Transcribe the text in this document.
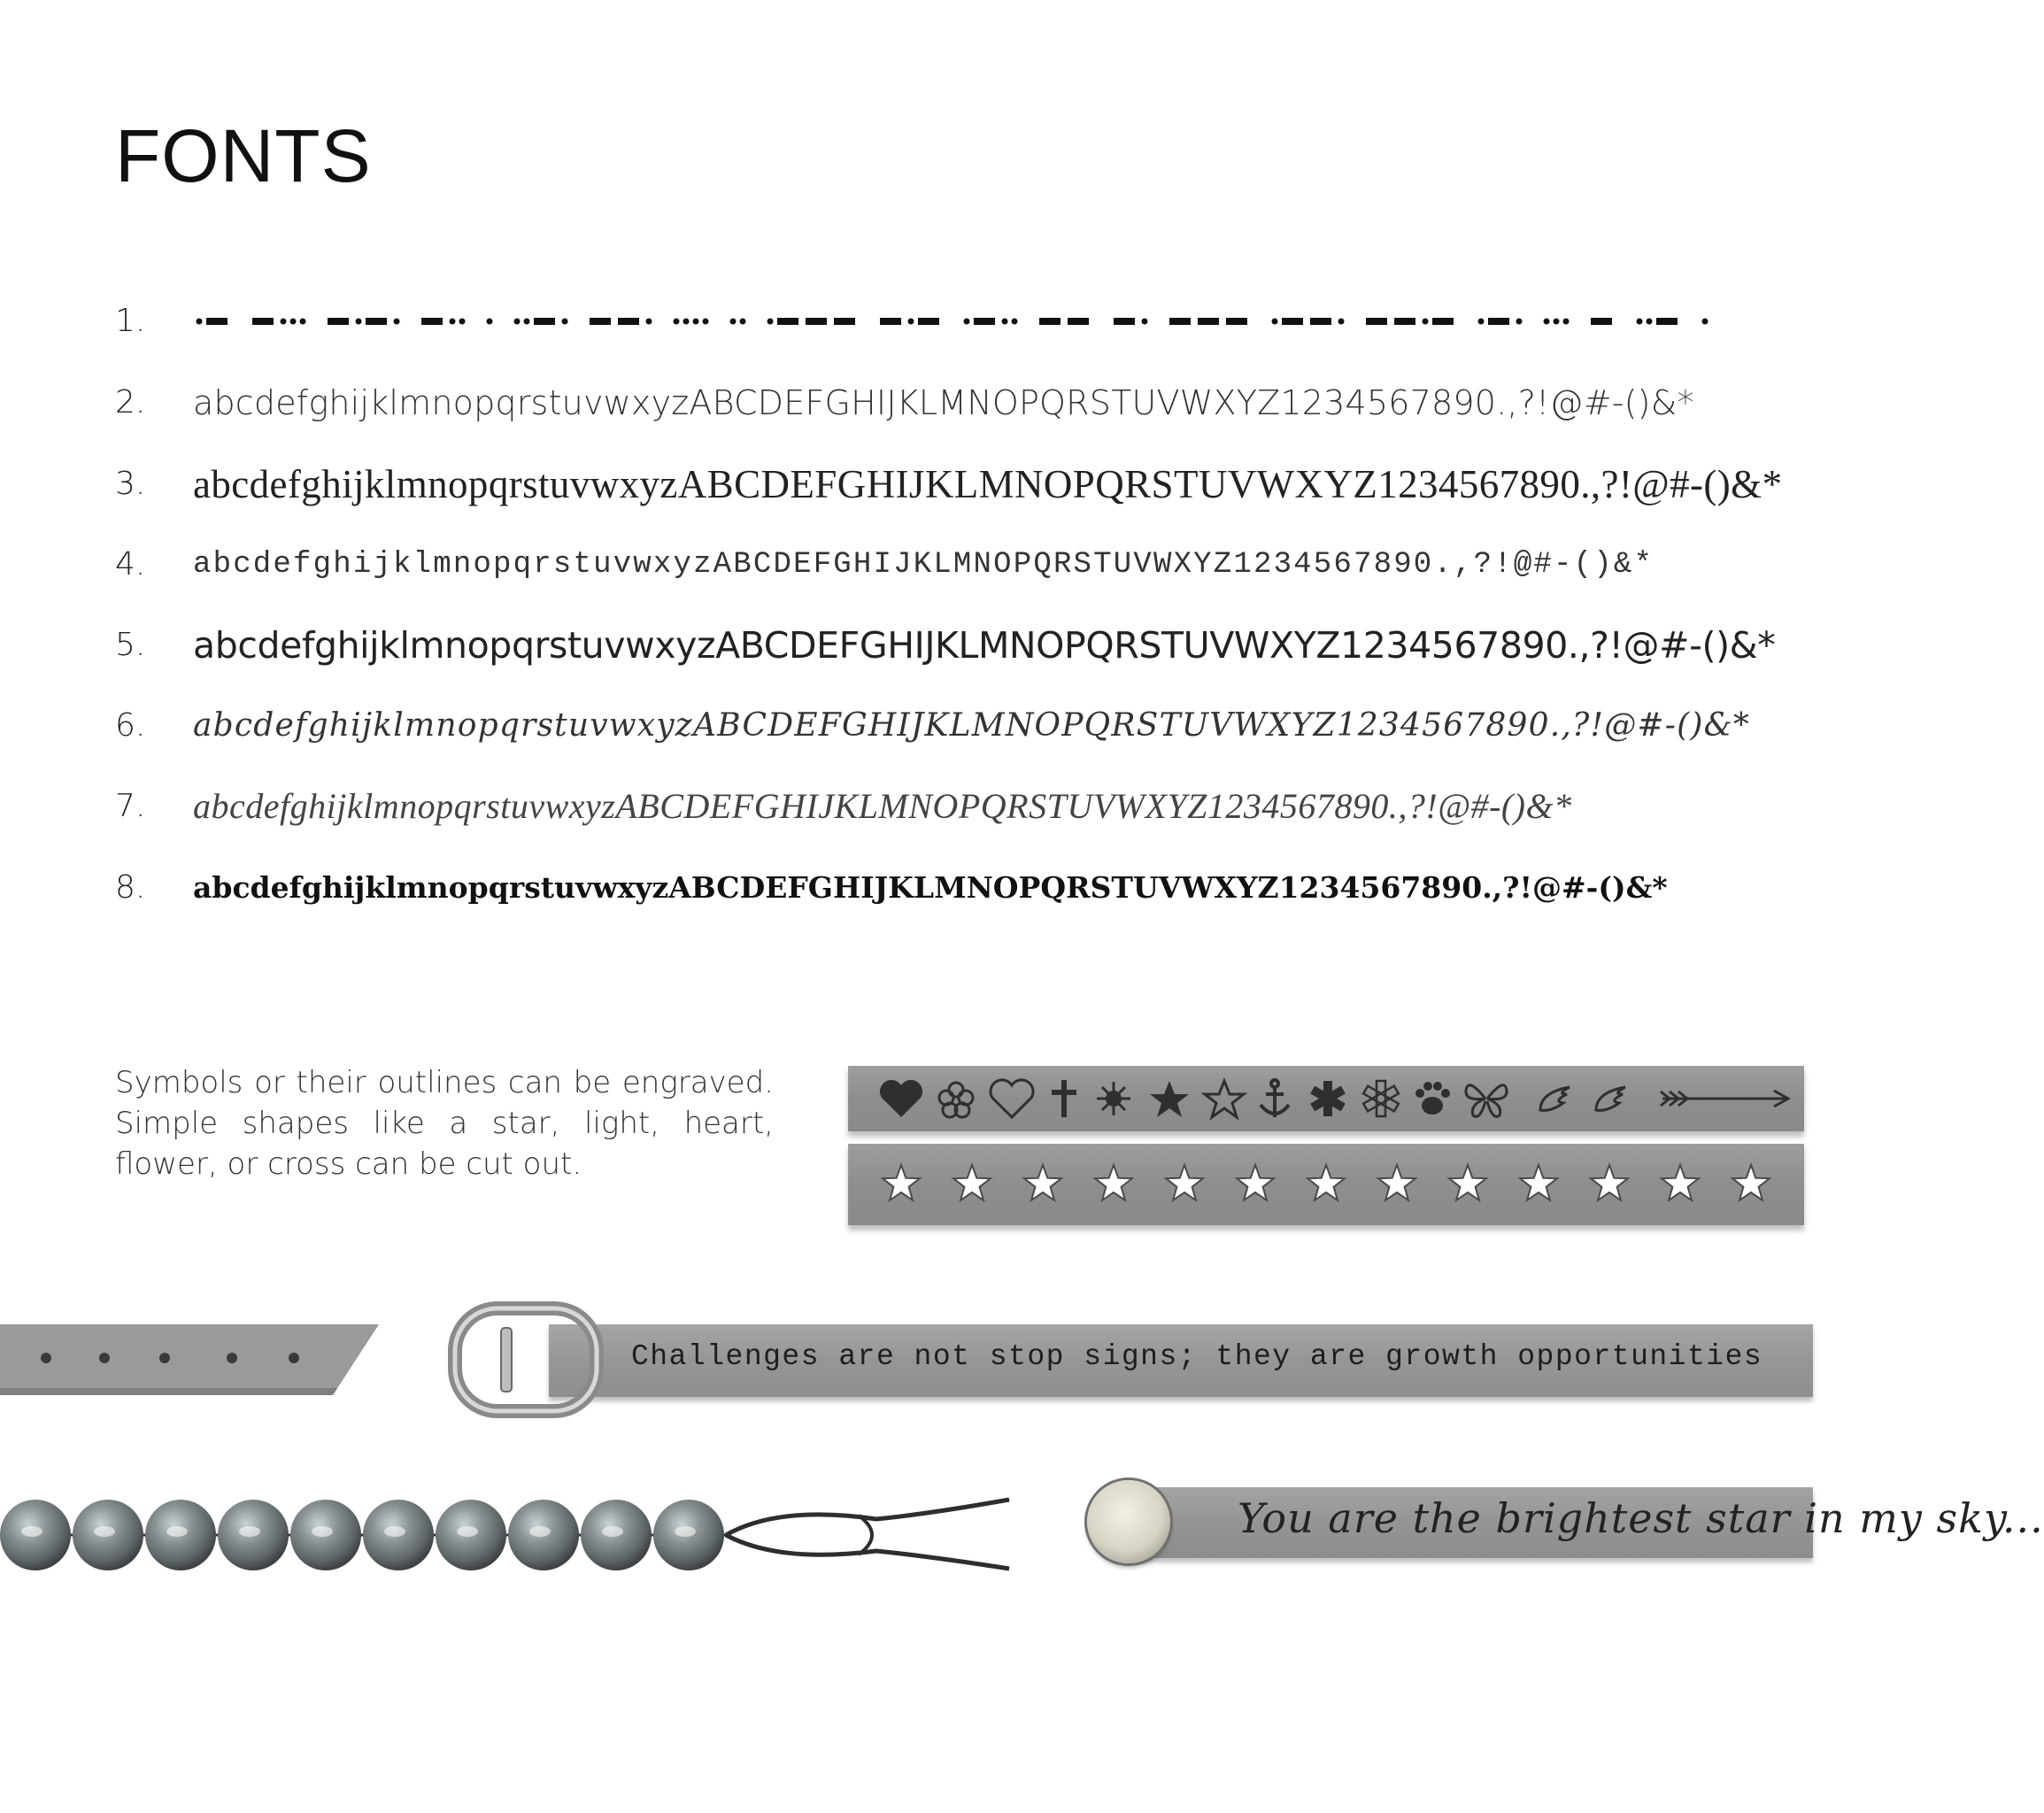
FONTS
1.
2. abcdefghijklmnopqrstuvwxyzABCDEFGHIJKLMNOPQRSTUVWXYZ1234567890.,?!@#-()&*
3. abcdefghijklmnopqrstuvwxyzABCDEFGHIJKLMNOPQRSTUVWXYZ1234567890.,?!@#-()&*
4. abcdefghijklmnopqrstuvwxyzABCDEFGHIJKLMNOPQRSTUVWXYZ1234567890.,?!@#-()&*
5. abcdefghijklmnopqrstuvwxyzABCDEFGHIJKLMNOPQRSTUVWXYZ1234567890.,?!@#-()&*
6. abcdefghijklmnopqrstuvwxyzABCDEFGHIJKLMNOPQRSTUVWXYZ1234567890.,?!@#-()&*
7. abcdefghijklmnopqrstuvwxyzABCDEFGHIJKLMNOPQRSTUVWXYZ1234567890.,?!@#-()&*
8. abcdefghijklmnopqrstuvwxyzABCDEFGHIJKLMNOPQRSTUVWXYZ1234567890.,?!@#-()&*
Symbols or their outlines can be engraved. Simple shapes like a star, light, heart, flower, or cross can be cut out.
Challenges are not stop signs; they are growth opportunities
You are the brightest star in my sky...
